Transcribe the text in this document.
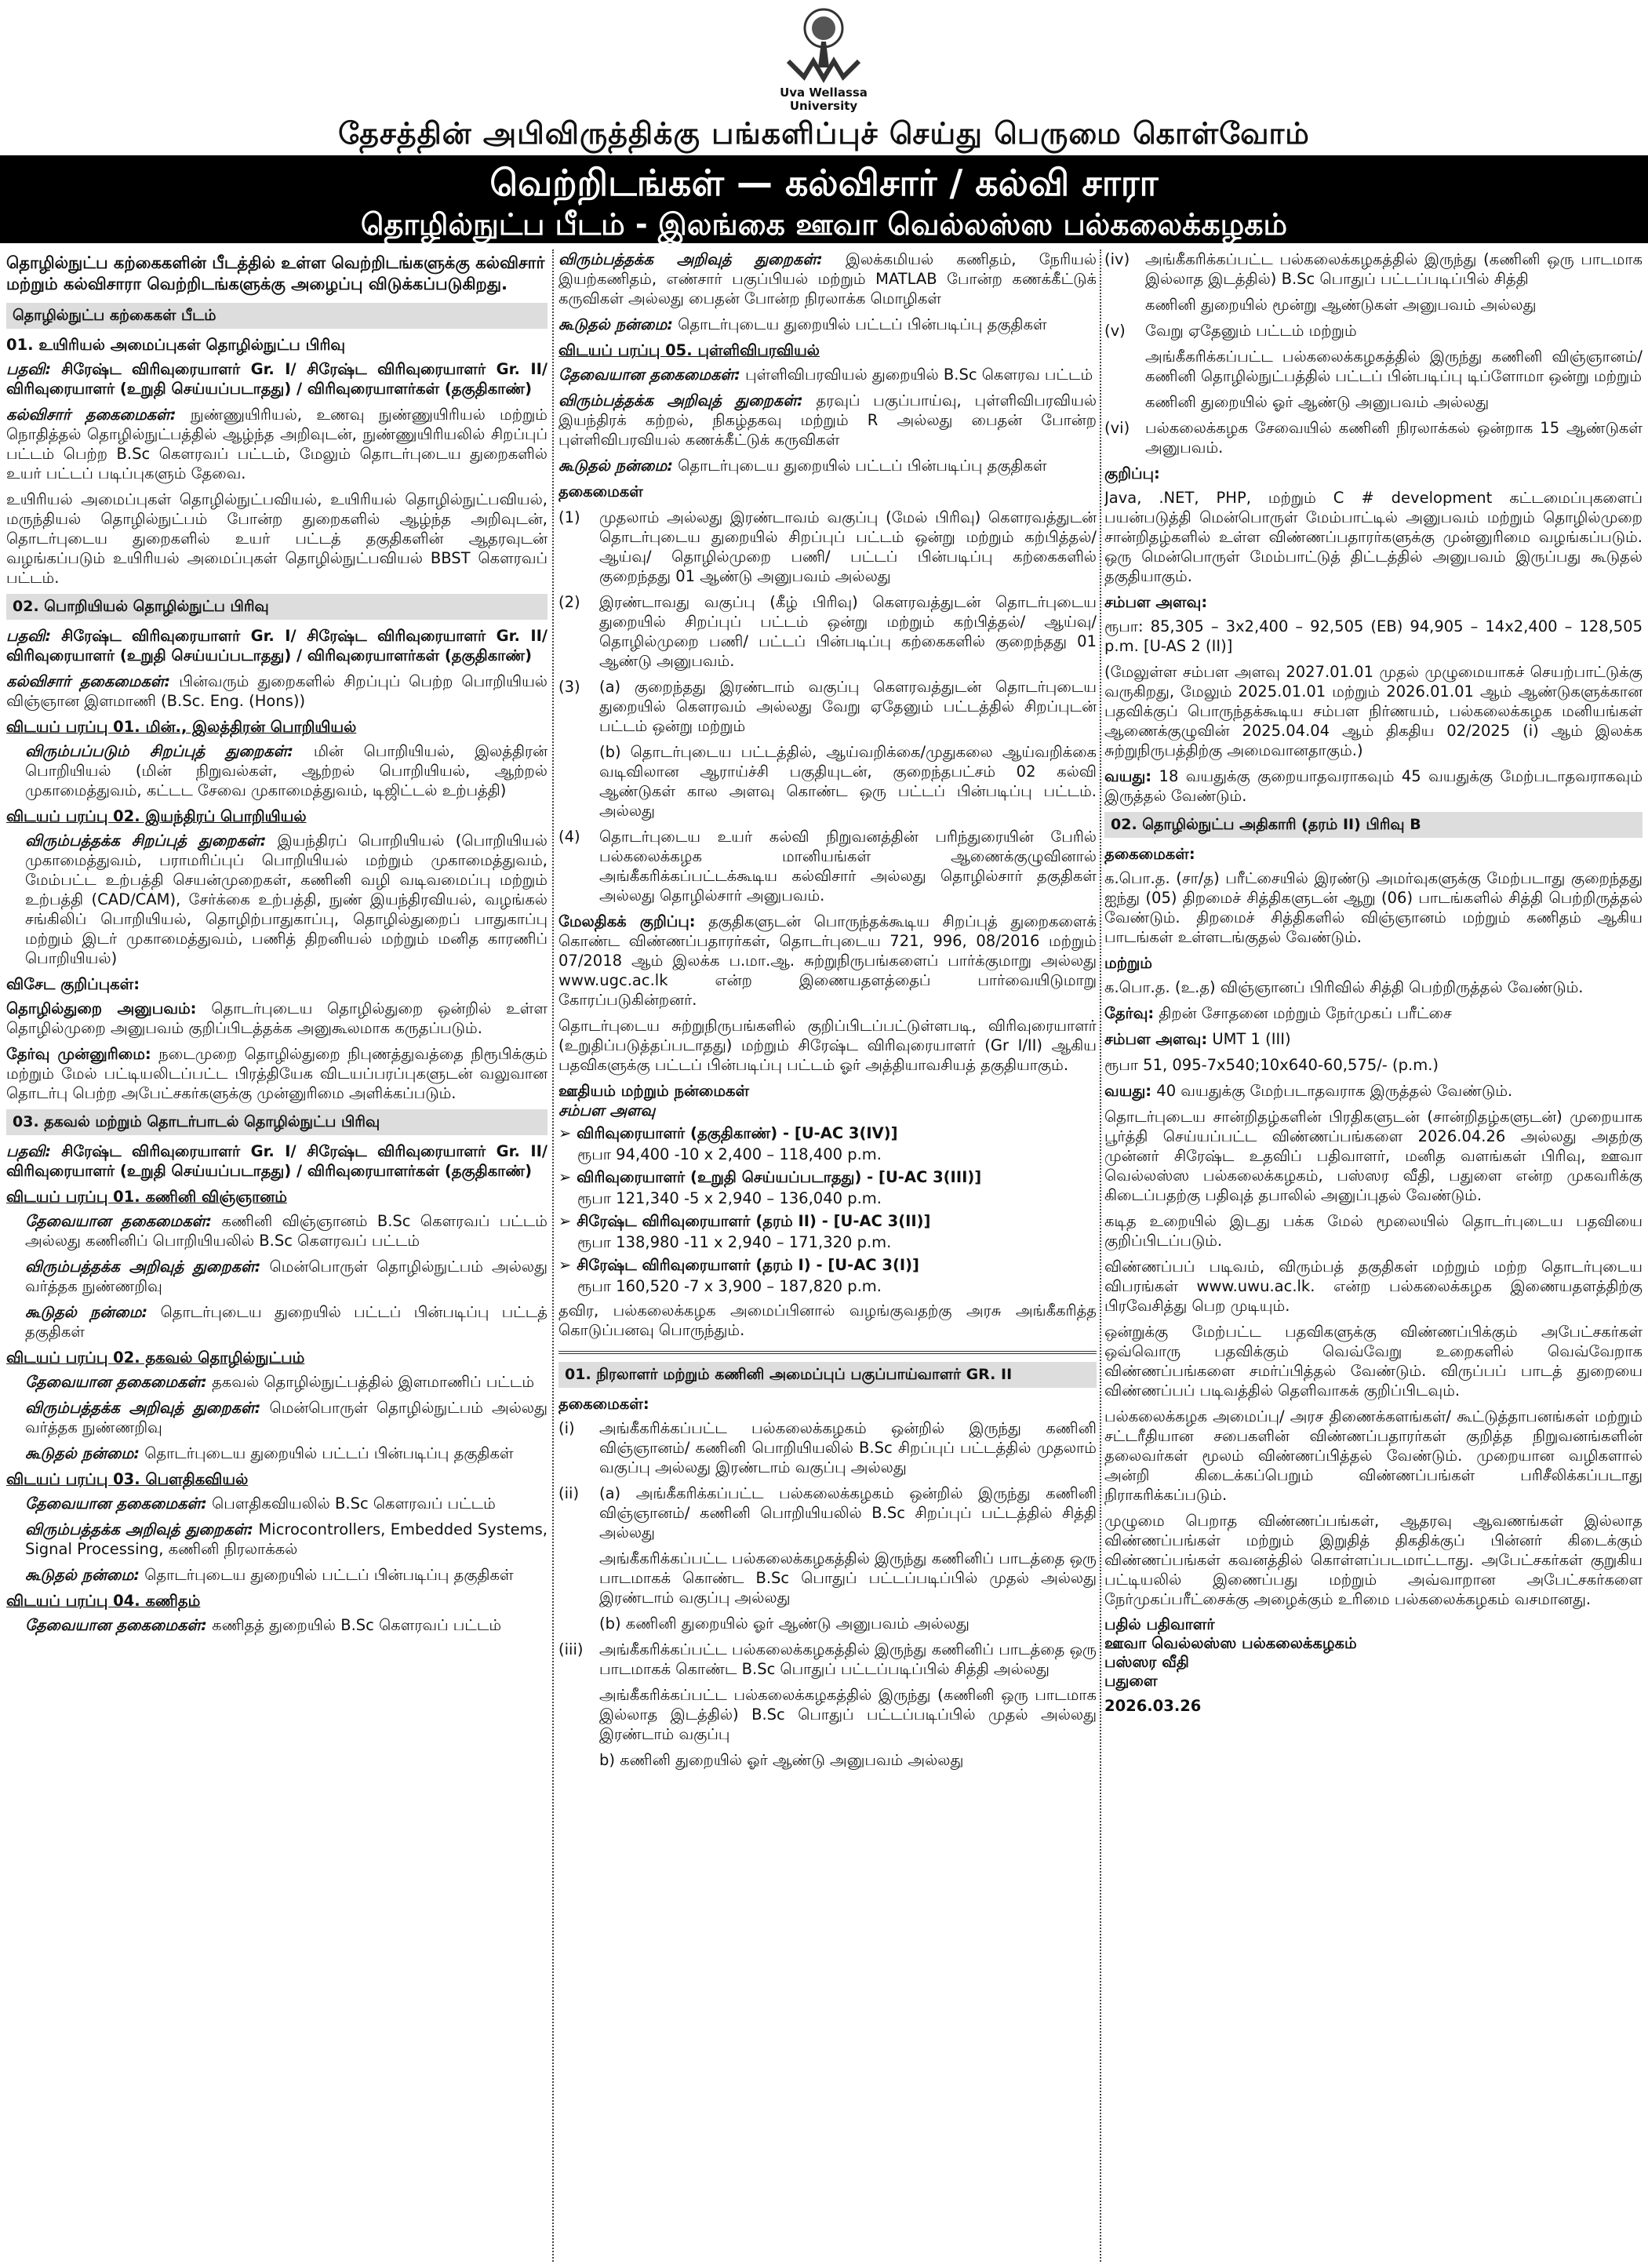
Uva Wellassa
University
தேசத்தின் அபிவிருத்திக்கு பங்களிப்புச் செய்து பெருமை கொள்வோம்
வெற்றிடங்கள் — கல்விசார் / கல்வி சாரா
தொழில்நுட்ப பீடம் - இலங்கை ஊவா வெல்லஸ்ஸ பல்கலைக்கழகம்
தொழில்நுட்ப கற்கைகளின் பீடத்தில் உள்ள வெற்றிடங்களுக்கு கல்விசார் மற்றும் கல்விசாரா வெற்றிடங்களுக்கு அழைப்பு விடுக்கப்படுகிறது.
தொழில்நுட்ப கற்கைகள் பீடம்
01. உயிரியல் அமைப்புகள் தொழில்நுட்ப பிரிவு

பதவி: சிரேஷ்ட விரிவுரையாளர் Gr. I/ சிரேஷ்ட விரிவுரையாளர் Gr. II/ விரிவுரையாளர் (உறுதி செய்யப்படாதது) / விரிவுரையாளர்கள் (தகுதிகாண்)

கல்விசார் தகைமைகள்: நுண்ணுயிரியல், உணவு நுண்ணுயிரியல் மற்றும் நொதித்தல் தொழில்நுட்பத்தில் ஆழ்ந்த அறிவுடன், நுண்ணுயிரியலில் சிறப்புப் பட்டம் பெற்ற B.Sc கௌரவப் பட்டம், மேலும் தொடர்புடைய துறைகளில் உயர் பட்டப் படிப்புகளும் தேவை.

உயிரியல் அமைப்புகள் தொழில்நுட்பவியல், உயிரியல் தொழில்நுட்பவியல், மருந்தியல் தொழில்நுட்பம் போன்ற துறைகளில் ஆழ்ந்த அறிவுடன், தொடர்புடைய துறைகளில் உயர் பட்டத் தகுதிகளின் ஆதரவுடன் வழங்கப்படும் உயிரியல் அமைப்புகள் தொழில்நுட்பவியல் BBST கௌரவப் பட்டம்.

02. பொறியியல் தொழில்நுட்ப பிரிவு

பதவி: சிரேஷ்ட விரிவுரையாளர் Gr. I/ சிரேஷ்ட விரிவுரையாளர் Gr. II/ விரிவுரையாளர் (உறுதி செய்யப்படாதது) / விரிவுரையாளர்கள் (தகுதிகாண்)

கல்விசார் தகைமைகள்: பின்வரும் துறைகளில் சிறப்புப் பெற்ற பொறியியல் விஞ்ஞான இளமாணி (B.Sc. Eng. (Hons))

விடயப் பரப்பு 01. மின்., இலத்திரன் பொறியியல்

விரும்பப்படும் சிறப்புத் துறைகள்: மின் பொறியியல், இலத்திரன் பொறியியல் (மின் நிறுவல்கள், ஆற்றல் பொறியியல், ஆற்றல் முகாமைத்துவம், கட்டட சேவை முகாமைத்துவம், டிஜிட்டல் உற்பத்தி)

விடயப் பரப்பு 02. இயந்திரப் பொறியியல்

விரும்பத்தக்க சிறப்புத் துறைகள்: இயந்திரப் பொறியியல் (பொறியியல் முகாமைத்துவம், பராமரிப்புப் பொறியியல் மற்றும் முகாமைத்துவம், மேம்பட்ட உற்பத்தி செயன்முறைகள், கணினி வழி வடிவமைப்பு மற்றும் உற்பத்தி (CAD/CAM), சேர்க்கை உற்பத்தி, நுண் இயந்திரவியல், வழங்கல் சங்கிலிப் பொறியியல், தொழிற்பாதுகாப்பு, தொழில்துறைப் பாதுகாப்பு மற்றும் இடர் முகாமைத்துவம், பணித் திறனியல் மற்றும் மனித காரணிப் பொறியியல்)

விசேட குறிப்புகள்:

தொழில்துறை அனுபவம்: தொடர்புடைய தொழில்துறை ஒன்றில் உள்ள தொழில்முறை அனுபவம் குறிப்பிடத்தக்க அனுகூலமாக கருதப்படும்.

தேர்வு முன்னுரிமை: நடைமுறை தொழில்துறை நிபுணத்துவத்தை நிரூபிக்கும் மற்றும் மேல் பட்டியலிடப்பட்ட பிரத்தியேக விடயப்பரப்புகளுடன் வலுவான தொடர்பு பெற்ற அபேட்சகர்களுக்கு முன்னுரிமை அளிக்கப்படும்.

03. தகவல் மற்றும் தொடர்பாடல் தொழில்நுட்ப பிரிவு

பதவி: சிரேஷ்ட விரிவுரையாளர் Gr. I/ சிரேஷ்ட விரிவுரையாளர் Gr. II/ விரிவுரையாளர் (உறுதி செய்யப்படாதது) / விரிவுரையாளர்கள் (தகுதிகாண்)

விடயப் பரப்பு 01. கணினி விஞ்ஞானம்

தேவையான தகைமைகள்: கணினி விஞ்ஞானம் B.Sc கௌரவப் பட்டம் அல்லது கணினிப் பொறியியலில் B.Sc கௌரவப் பட்டம்

விரும்பத்தக்க அறிவுத் துறைகள்: மென்பொருள் தொழில்நுட்பம் அல்லது வர்த்தக நுண்ணறிவு

கூடுதல் நன்மை: தொடர்புடைய துறையில் பட்டப் பின்படிப்பு பட்டத் தகுதிகள்

விடயப் பரப்பு 02. தகவல் தொழில்நுட்பம்

தேவையான தகைமைகள்: தகவல் தொழில்நுட்பத்தில் இளமாணிப் பட்டம்

விரும்பத்தக்க அறிவுத் துறைகள்: மென்பொருள் தொழில்நுட்பம் அல்லது வர்த்தக நுண்ணறிவு

கூடுதல் நன்மை: தொடர்புடைய துறையில் பட்டப் பின்படிப்பு தகுதிகள்

விடயப் பரப்பு 03. பௌதிகவியல்

தேவையான தகைமைகள்: பௌதிகவியலில் B.Sc கௌரவப் பட்டம்

விரும்பத்தக்க அறிவுத் துறைகள்: Microcontrollers, Embedded Systems, Signal Processing, கணினி நிரலாக்கல்

கூடுதல் நன்மை: தொடர்புடைய துறையில் பட்டப் பின்படிப்பு தகுதிகள்

விடயப் பரப்பு 04. கணிதம்

தேவையான தகைமைகள்: கணிதத் துறையில் B.Sc கௌரவப் பட்டம்

விரும்பத்தக்க அறிவுத் துறைகள்: இலக்கமியல் கணிதம், நேரியல் இயற்கணிதம், எண்சார் பகுப்பியல் மற்றும் MATLAB போன்ற கணக்கீட்டுக் கருவிகள் அல்லது பைதன் போன்ற நிரலாக்க மொழிகள்

கூடுதல் நன்மை: தொடர்புடைய துறையில் பட்டப் பின்படிப்பு தகுதிகள்

விடயப் பரப்பு 05. புள்ளிவிபரவியல்

தேவையான தகைமைகள்: புள்ளிவிபரவியல் துறையில் B.Sc கௌரவ பட்டம்

விரும்பத்தக்க அறிவுத் துறைகள்: தரவுப் பகுப்பாய்வு, புள்ளிவிபரவியல் இயந்திரக் கற்றல், நிகழ்தகவு மற்றும் R அல்லது பைதன் போன்ற புள்ளிவிபரவியல் கணக்கீட்டுக் கருவிகள்

கூடுதல் நன்மை: தொடர்புடைய துறையில் பட்டப் பின்படிப்பு தகுதிகள்

தகைமைகள்
(1)	முதலாம் அல்லது இரண்டாவம் வகுப்பு (மேல் பிரிவு) கௌரவத்துடன் தொடர்புடைய துறையில் சிறப்புப் பட்டம் ஒன்று மற்றும் கற்பித்தல்/ ஆய்வு/ தொழில்முறை பணி/ பட்டப் பின்படிப்பு கற்கைகளில் குறைந்தது 01 ஆண்டு அனுபவம் அல்லது
(2)	இரண்டாவது வகுப்பு (கீழ் பிரிவு) கௌரவத்துடன் தொடர்புடைய துறையில் சிறப்புப் பட்டம் ஒன்று மற்றும் கற்பித்தல்/ ஆய்வு/ தொழில்முறை பணி/ பட்டப் பின்படிப்பு கற்கைகளில் குறைந்தது 01 ஆண்டு அனுபவம்.
(3)	(a) குறைந்தது இரண்டாம் வகுப்பு கௌரவத்துடன் தொடர்புடைய துறையில் கௌரவம் அல்லது வேறு ஏதேனும் பட்டத்தில் சிறப்புடன் பட்டம் ஒன்று மற்றும்
(b) தொடர்புடைய பட்டத்தில், ஆய்வறிக்கை/முதுகலை ஆய்வறிக்கை வடிவிலான ஆராய்ச்சி பகுதியுடன், குறைந்தபட்சம் 02 கல்வி ஆண்டுகள் கால அளவு கொண்ட ஒரு பட்டப் பின்படிப்பு பட்டம். அல்லது
(4)	தொடர்புடைய உயர் கல்வி நிறுவனத்தின் பரிந்துரையின் பேரில் பல்கலைக்கழக மானியங்கள் ஆணைக்குழுவினால் அங்கீகரிக்கப்பட்டக்கூடிய கல்விசார் அல்லது தொழில்சார் தகுதிகள் அல்லது தொழில்சார் அனுபவம்.

மேலதிகக் குறிப்பு: தகுதிகளுடன் பொருந்தக்கூடிய சிறப்புத் துறைகளைக் கொண்ட விண்ணப்பதாரர்கள், தொடர்புடைய 721, 996, 08/2016 மற்றும் 07/2018 ஆம் இலக்க ப.மா.ஆ. சுற்றுநிருபங்களைப் பார்க்குமாறு அல்லது www.ugc.ac.lk என்ற இணையதளத்தைப் பார்வையிடுமாறு கோரப்படுகின்றனர்.

தொடர்புடைய சுற்றுநிருபங்களில் குறிப்பிடப்பட்டுள்ளபடி, விரிவுரையாளர் (உறுதிப்படுத்தப்படாதது) மற்றும் சிரேஷ்ட விரிவுரையாளர் (Gr I/II) ஆகிய பதவிகளுக்கு பட்டப் பின்படிப்பு பட்டம் ஓர் அத்தியாவசியத் தகுதியாகும்.

ஊதியம் மற்றும் நன்மைகள்
சம்பள அளவு
➢ விரிவுரையாளர் (தகுதிகாண்) - [U-AC 3(IV)]
ரூபா 94,400 -10 x 2,400 – 118,400 p.m.
➢ விரிவுரையாளர் (உறுதி செய்யப்படாதது) - [U-AC 3(III)]
ரூபா 121,340 -5 x 2,940 – 136,040 p.m.
➢ சிரேஷ்ட விரிவுரையாளர் (தரம் II) - [U-AC 3(II)]
ரூபா 138,980 -11 x 2,940 – 171,320 p.m.
➢ சிரேஷ்ட விரிவுரையாளர் (தரம் I) - [U-AC 3(I)]
ரூபா 160,520 -7 x 3,900 – 187,820 p.m.

தவிர, பல்கலைக்கழக அமைப்பினால் வழங்குவதற்கு அரசு அங்கீகரித்த கொடுப்பனவு பொருந்தும்.

01. நிரலாளர் மற்றும் கணினி அமைப்புப் பகுப்பாய்வாளர் GR. II
தகைமைகள்:
(i)	அங்கீகரிக்கப்பட்ட பல்கலைக்கழகம் ஒன்றில் இருந்து கணினி விஞ்ஞானம்/ கணினி பொறியியலில் B.Sc சிறப்புப் பட்டத்தில் முதலாம் வகுப்பு அல்லது இரண்டாம் வகுப்பு அல்லது
(ii)	(a) அங்கீகரிக்கப்பட்ட பல்கலைக்கழகம் ஒன்றில் இருந்து கணினி விஞ்ஞானம்/ கணினி பொறியியலில் B.Sc சிறப்புப் பட்டத்தில் சித்தி அல்லது
அங்கீகரிக்கப்பட்ட பல்கலைக்கழகத்தில் இருந்து கணினிப் பாடத்தை ஒரு பாடமாகக் கொண்ட B.Sc பொதுப் பட்டப்படிப்பில் முதல் அல்லது இரண்டாம் வகுப்பு அல்லது
(b) கணினி துறையில் ஓர் ஆண்டு அனுபவம் அல்லது
(iii)	அங்கீகரிக்கப்பட்ட பல்கலைக்கழகத்தில் இருந்து கணினிப் பாடத்தை ஒரு பாடமாகக் கொண்ட B.Sc பொதுப் பட்டப்படிப்பில் சித்தி அல்லது
அங்கீகரிக்கப்பட்ட பல்கலைக்கழகத்தில் இருந்து (கணினி ஒரு பாடமாக இல்லாத இடத்தில்) B.Sc பொதுப் பட்டப்படிப்பில் முதல் அல்லது இரண்டாம் வகுப்பு
b) கணினி துறையில் ஓர் ஆண்டு அனுபவம் அல்லது
(iv)	அங்கீகரிக்கப்பட்ட பல்கலைக்கழகத்தில் இருந்து (கணினி ஒரு பாடமாக இல்லாத இடத்தில்) B.Sc பொதுப் பட்டப்படிப்பில் சித்தி
கணினி துறையில் மூன்று ஆண்டுகள் அனுபவம் அல்லது
(v)	வேறு ஏதேனும் பட்டம் மற்றும்
அங்கீகரிக்கப்பட்ட பல்கலைக்கழகத்தில் இருந்து கணினி விஞ்ஞானம்/ கணினி தொழில்நுட்பத்தில் பட்டப் பின்படிப்பு டிப்ளோமா ஒன்று மற்றும்
கணினி துறையில் ஓர் ஆண்டு அனுபவம் அல்லது
(vi)	பல்கலைக்கழக சேவையில் கணினி நிரலாக்கல் ஒன்றாக 15 ஆண்டுகள் அனுபவம்.
குறிப்பு:

Java, .NET, PHP, மற்றும் C # development கட்டமைப்புகளைப் பயன்படுத்தி மென்பொருள் மேம்பாட்டில் அனுபவம் மற்றும் தொழில்முறை சான்றிதழ்களில் உள்ள விண்ணப்பதாரர்களுக்கு முன்னுரிமை வழங்கப்படும். ஒரு மென்பொருள் மேம்பாட்டுத் திட்டத்தில் அனுபவம் இருப்பது கூடுதல் தகுதியாகும்.

சம்பள அளவு:

ரூபா: 85,305 – 3x2,400 – 92,505 (EB) 94,905 – 14x2,400 – 128,505 p.m. [U-AS 2 (II)]

(மேலுள்ள சம்பள அளவு 2027.01.01 முதல் முழுமையாகச் செயற்பாட்டுக்கு வருகிறது, மேலும் 2025.01.01 மற்றும் 2026.01.01 ஆம் ஆண்டுகளுக்கான பதவிக்குப் பொருந்தக்கூடிய சம்பள நிர்ணயம், பல்கலைக்கழக மனியங்கள் ஆணைக்குழுவின் 2025.04.04 ஆம் திகதிய 02/2025 (i) ஆம் இலக்க சுற்றுநிருபத்திற்கு அமைவானதாகும்.)

வயது: 18 வயதுக்கு குறையாதவராகவும் 45 வயதுக்கு மேற்படாதவராகவும் இருத்தல் வேண்டும்.

02. தொழில்நுட்ப அதிகாரி (தரம் II) பிரிவு B
தகைமைகள்:

க.பொ.த. (சா/த) பரீட்சையில் இரண்டு அமர்வுகளுக்கு மேற்படாது குறைந்தது ஐந்து (05) திறமைச் சித்திகளுடன் ஆறு (06) பாடங்களில் சித்தி பெற்றிருத்தல் வேண்டும். திறமைச் சித்திகளில் விஞ்ஞானம் மற்றும் கணிதம் ஆகிய பாடங்கள் உள்ளடங்குதல் வேண்டும்.

மற்றும்

க.பொ.த. (உ.த) விஞ்ஞானப் பிரிவில் சித்தி பெற்றிருத்தல் வேண்டும்.

தேர்வு: திறன் சோதனை மற்றும் நேர்முகப் பரீட்சை

சம்பள அளவு: UMT 1 (III)

ரூபா 51, 095-7x540;10x640-60,575/- (p.m.)

வயது: 40 வயதுக்கு மேற்படாதவராக இருத்தல் வேண்டும்.

தொடர்புடைய சான்றிதழ்களின் பிரதிகளுடன் (சான்றிதழ்களுடன்) முறையாக பூர்த்தி செய்யப்பட்ட விண்ணப்பங்களை 2026.04.26 அல்லது அதற்கு முன்னர் சிரேஷ்ட உதவிப் பதிவாளர், மனித வளங்கள் பிரிவு, ஊவா வெல்லஸ்ஸ பல்கலைக்கழகம், பஸ்ஸர வீதி, பதுளை என்ற முகவரிக்கு கிடைப்பதற்கு பதிவுத் தபாலில் அனுப்புதல் வேண்டும்.

கடித உறையில் இடது பக்க மேல் மூலையில் தொடர்புடைய பதவியை குறிப்பிடப்படும்.

விண்ணப்பப் படிவம், விரும்பத் தகுதிகள் மற்றும் மற்ற தொடர்புடைய விபரங்கள் www.uwu.ac.lk. என்ற பல்கலைக்கழக இணையதளத்திற்கு பிரவேசித்து பெற முடியும்.

ஒன்றுக்கு மேற்பட்ட பதவிகளுக்கு விண்ணப்பிக்கும் அபேட்சகர்கள் ஒவ்வொரு பதவிக்கும் வெவ்வேறு உறைகளில் வெவ்வேறாக விண்ணப்பங்களை சமர்ப்பித்தல் வேண்டும். விருப்பப் பாடத் துறையை விண்ணப்பப் படிவத்தில் தெளிவாகக் குறிப்பிடவும்.

பல்கலைக்கழக அமைப்பு/ அரச திணைக்களங்கள்/ கூட்டுத்தாபனங்கள் மற்றும் சட்டரீதியான சபைகளின் விண்ணப்பதாரர்கள் குறித்த நிறுவனங்களின் தலைவர்கள் மூலம் விண்ணப்பித்தல் வேண்டும். முறையான வழிகளால் அன்றி கிடைக்கப்பெறும் விண்ணப்பங்கள் பரிசீலிக்கப்படாது நிராகரிக்கப்படும்.

முழுமை பெறாத விண்ணப்பங்கள், ஆதரவு ஆவணங்கள் இல்லாத விண்ணப்பங்கள் மற்றும் இறுதித் திகதிக்குப் பின்னர் கிடைக்கும் விண்ணப்பங்கள் கவனத்தில் கொள்ளப்படமாட்டாது. அபேட்சகர்கள் குறுகிய பட்டியலில் இணைப்பது மற்றும் அவ்வாறான அபேட்சகர்களை நேர்முகப்பரீட்சைக்கு அழைக்கும் உரிமை பல்கலைக்கழகம் வசமானது.

பதில் பதிவாளர்
ஊவா வெல்லஸ்ஸ பல்கலைக்கழகம்
பஸ்ஸர வீதி
பதுளை
2026.03.26
